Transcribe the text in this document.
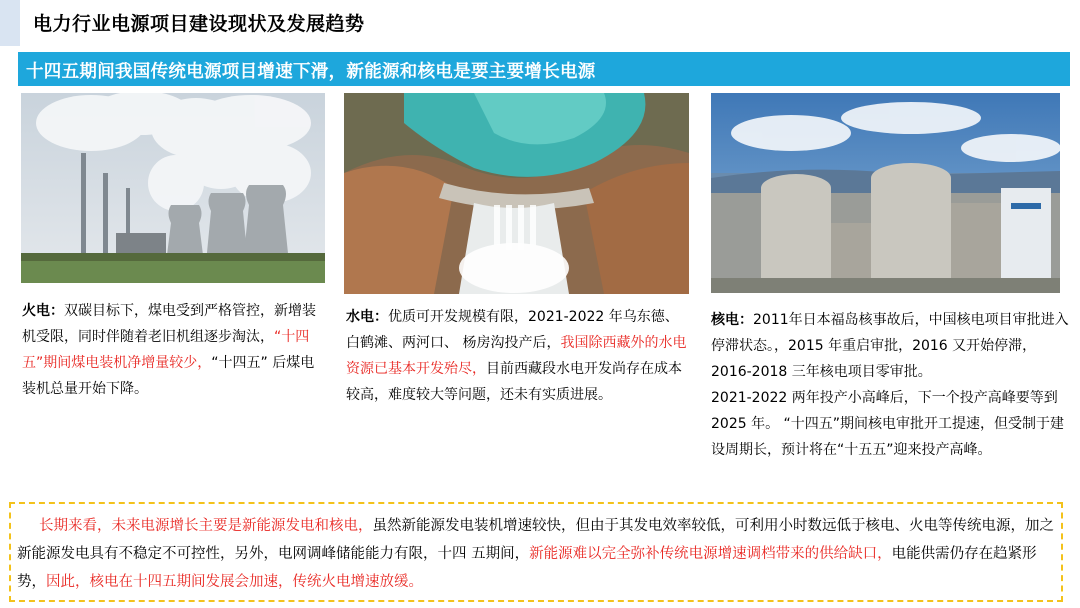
电力行业电源项目建设现状及发展趋势
十四五期间我国传统电源项目增速下滑，新能源和核电是要主要增长电源
火电：双碳目标下，煤电受到严格管控，新增装机受限，同时伴随着老旧机组逐步淘汰，“十四五”期间煤电装机净增量较少，“十四五” 后煤电装机总量开始下降。
水电：优质可开发规模有限，2021-2022 年乌东德、白鹤滩、两河口、 杨房沟投产后，我国除西藏外的水电资源已基本开发殆尽，目前西藏段水电开发尚存在成本较高，难度较大等问题，还未有实质进展。
核电：2011年日本福岛核事故后，中国核电项目审批进入停滞状态。，2015 年重启审批，2016 又开始停滞，2016-2018 三年核电项目零审批。
2021-2022 两年投产小高峰后，下一个投产高峰要等到 2025 年。 “十四五”期间核电审批开工提速，但受制于建设周期长，预计将在“十五五”迎来投产高峰。

长期来看，未来电源增长主要是新能源发电和核电，虽然新能源发电装机增速较快，但由于其发电效率较低，可利用小时数远低于核电、火电等传统电源，加之新能源发电具有不稳定不可控性，另外，电网调峰储能能力有限，十四 五期间，新能源难以完全弥补传统电源增速调档带来的供给缺口，电能供需仍存在趋紧形势，因此，核电在十四五期间发展会加速，传统火电增速放缓。
